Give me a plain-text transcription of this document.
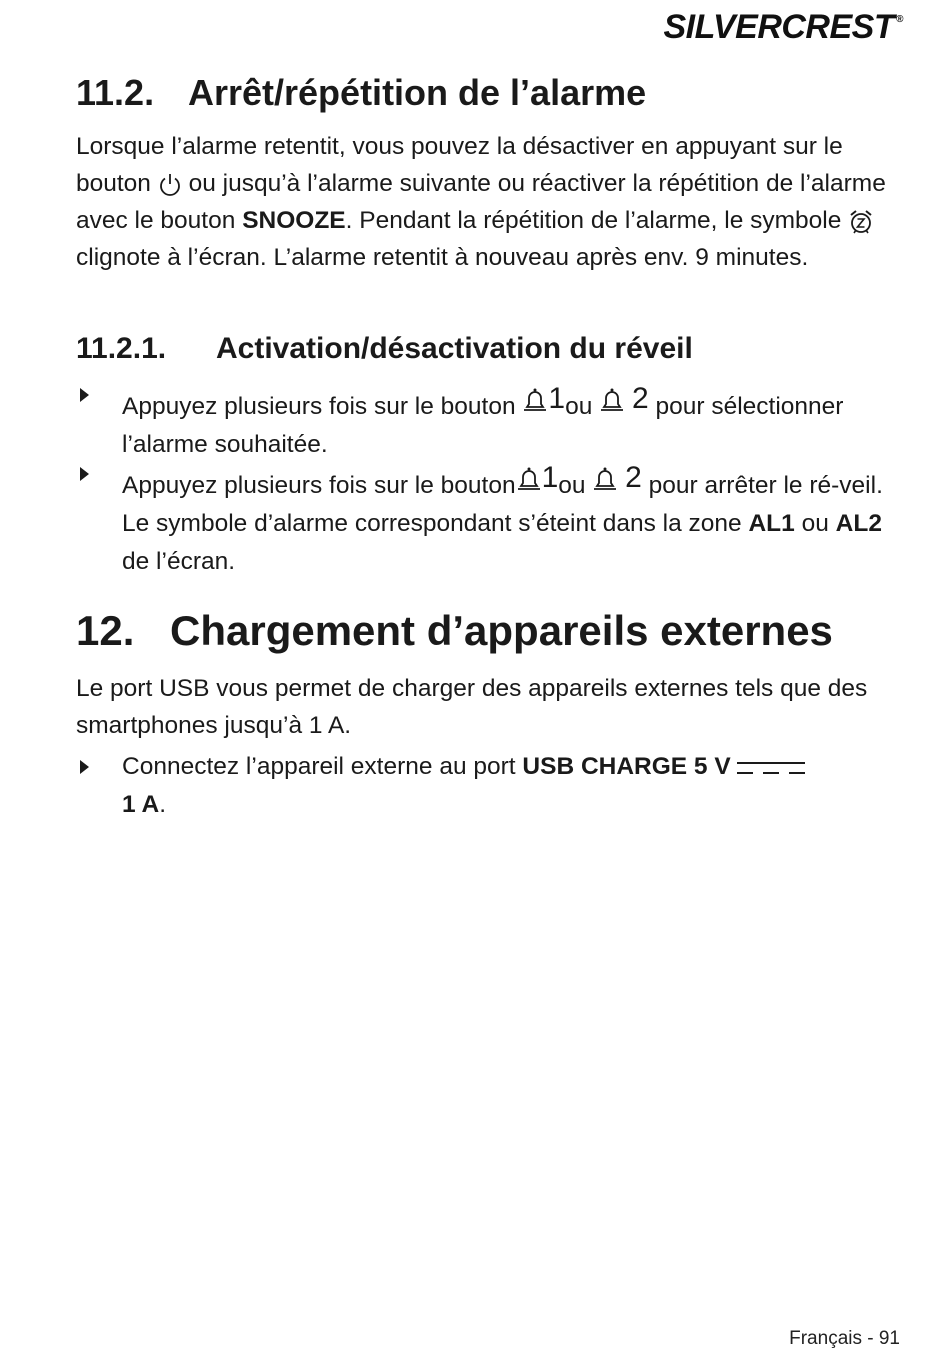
SILVERCREST ®
11.2. Arrêt/répétition de l’alarme

Lorsque l’alarme retentit, vous pouvez la désactiver en appuyant sur le bouton ou jusqu’à l’alarme suivante ou réactiver la répétition de l’alarme avec le bouton SNOOZE. Pendant la répétition de l’alarme, le symbole  clignote à l’écran. L’alarme retentit à nouveau après env. 9 minutes.

11.2.1. Activation/désactivation du réveil
Appuyez plusieurs fois sur le bouton 1 ou
2 pour sélectionner l’alarme souhaitée.
Appuyez plusieurs fois sur le bouton 1 ou
2 pour arrêter le ré-veil. Le symbole d’alarme correspondant s’éteint dans la zone AL1 ou AL2 de l’écran.
12. Chargement d’appareils externes

Le port USB vous permet de charger des appareils externes tels que des smartphones jusqu’à 1 A.

Connectez l’appareil externe au port USB CHARGE 5 V
1 A.
Français - 91
